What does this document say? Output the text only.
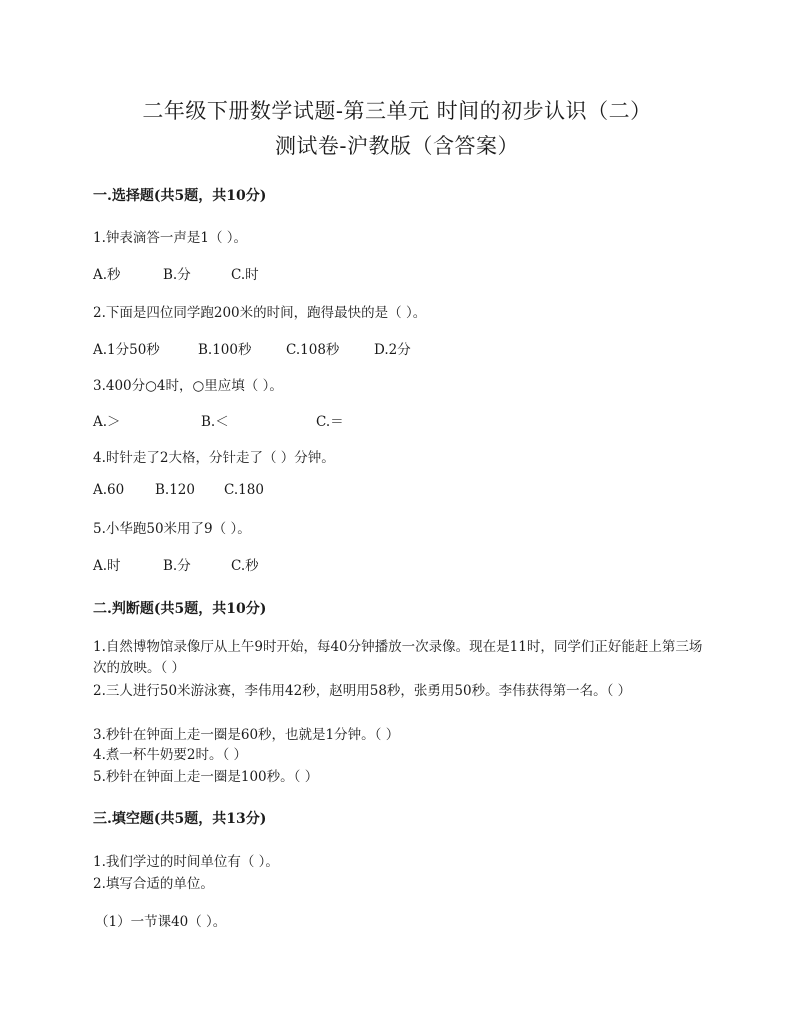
二年级下册数学试题-第三单元 时间的初步认识（二）
测试卷-沪教版（含答案）
一.选择题(共5题，共10分)
1.钟表滴答一声是1（ ）。
A.秒	B.分	C.时
2.下面是四位同学跑200米的时间，跑得最快的是（ ）。
A.1分50秒	B.100秒	C.108秒	D.2分
3.400分○4时，○里应填（ ）。
A.＞	B.＜	C.＝
4.时针走了2大格，分针走了（ ）分钟。
A.60 B.120 C.180
5.小华跑50米用了9（ ）。
A.时	B.分	C.秒
二.判断题(共5题，共10分)
1.自然博物馆录像厅从上午9时开始，每40分钟播放一次录像。现在是11时，同学们正好能赶上第三场次的放映。（ ）
2.三人进行50米游泳赛，李伟用42秒，赵明用58秒，张勇用50秒。李伟获得第一名。（ ）
3.秒针在钟面上走一圈是60秒，也就是1分钟。（ ）
4.煮一杯牛奶要2时。（ ）
5.秒针在钟面上走一圈是100秒。（ ）
三.填空题(共5题，共13分)
1.我们学过的时间单位有（ ）。
2.填写合适的单位。
（1）一节课40（ ）。
